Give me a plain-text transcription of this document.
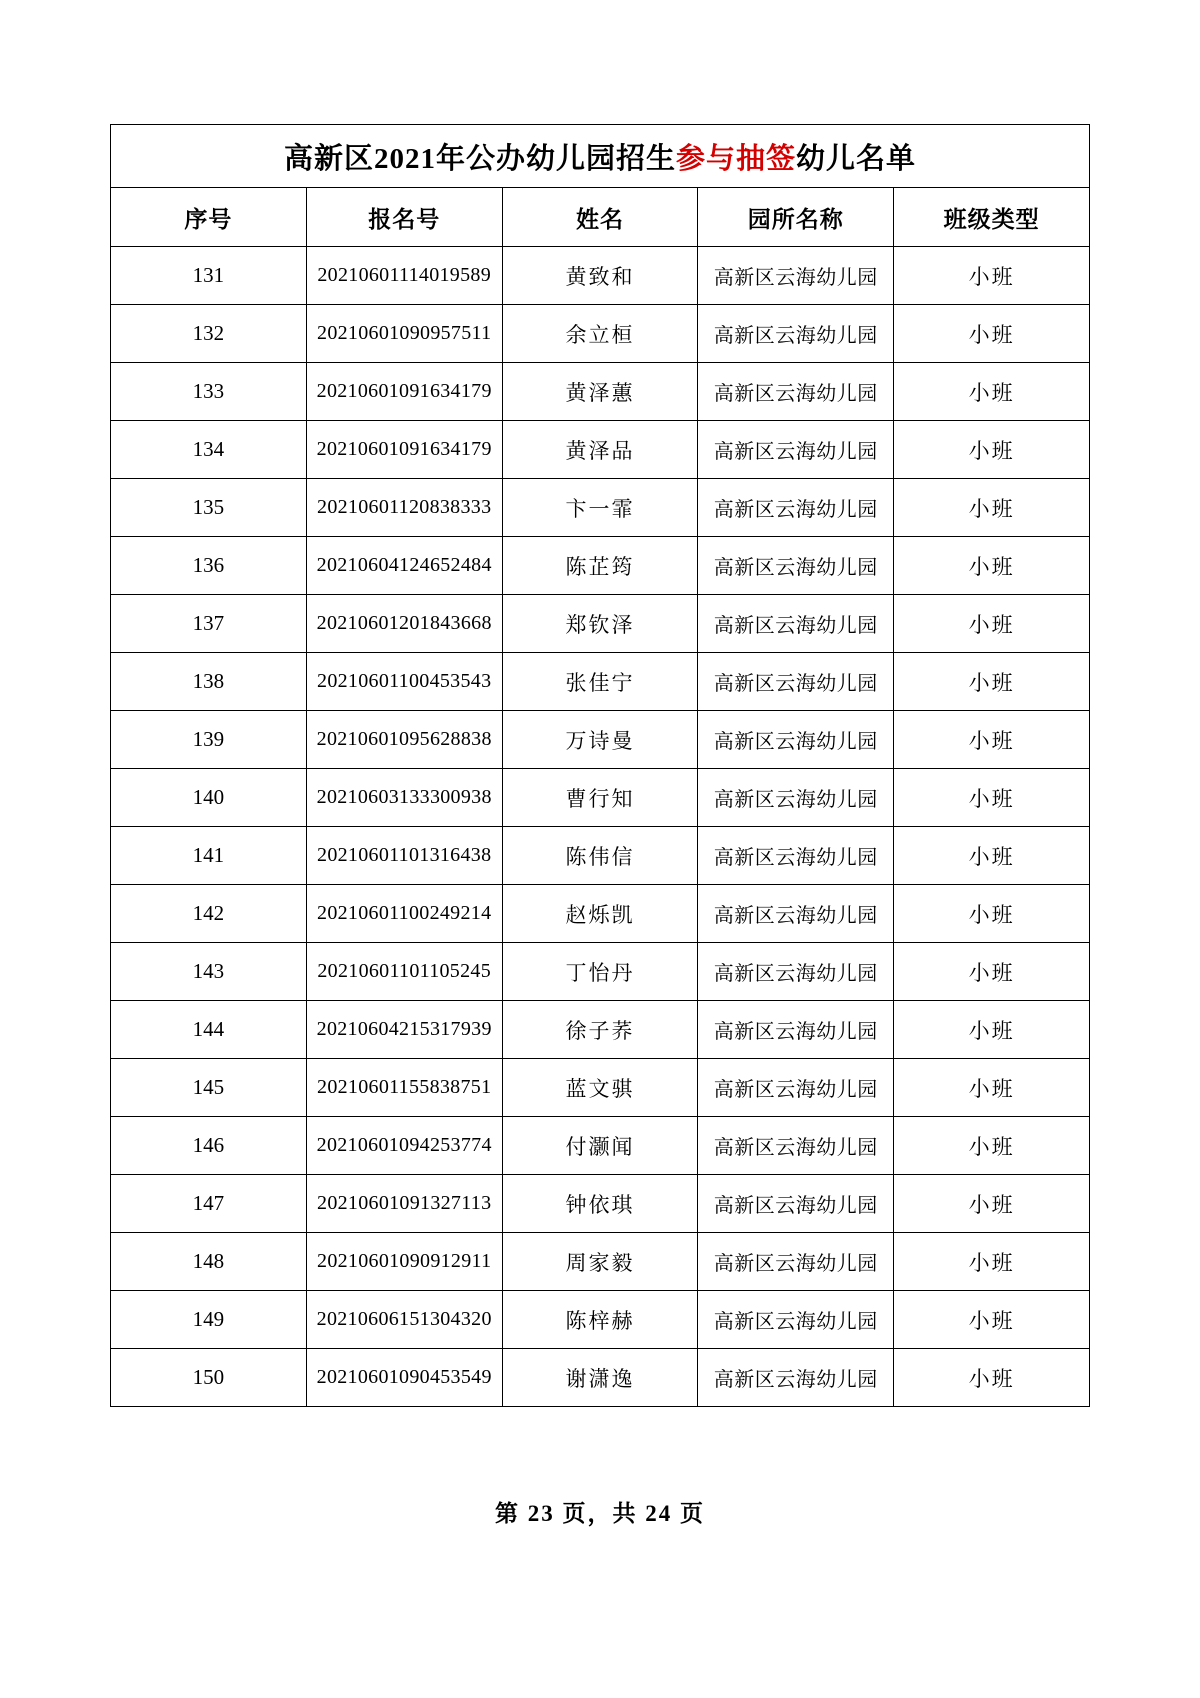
高新区2021年公办幼儿园招生参与抽签幼儿名单				
序号	报名号	姓名	园所名称	班级类型
131	20210601114019589	黄致和	高新区云海幼儿园	小班
132	20210601090957511	余立桓	高新区云海幼儿园	小班
133	20210601091634179	黄泽蕙	高新区云海幼儿园	小班
134	20210601091634179	黄泽品	高新区云海幼儿园	小班
135	20210601120838333	卞一霏	高新区云海幼儿园	小班
136	20210604124652484	陈芷筠	高新区云海幼儿园	小班
137	20210601201843668	郑钦泽	高新区云海幼儿园	小班
138	20210601100453543	张佳宁	高新区云海幼儿园	小班
139	20210601095628838	万诗曼	高新区云海幼儿园	小班
140	20210603133300938	曹行知	高新区云海幼儿园	小班
141	20210601101316438	陈伟信	高新区云海幼儿园	小班
142	20210601100249214	赵烁凯	高新区云海幼儿园	小班
143	20210601101105245	丁怡丹	高新区云海幼儿园	小班
144	20210604215317939	徐子荞	高新区云海幼儿园	小班
145	20210601155838751	蓝文骐	高新区云海幼儿园	小班
146	20210601094253774	付灏闻	高新区云海幼儿园	小班
147	20210601091327113	钟依琪	高新区云海幼儿园	小班
148	20210601090912911	周家毅	高新区云海幼儿园	小班
149	20210606151304320	陈梓赫	高新区云海幼儿园	小班
150	20210601090453549	谢潇逸	高新区云海幼儿园	小班
第 23 页，共 24 页
